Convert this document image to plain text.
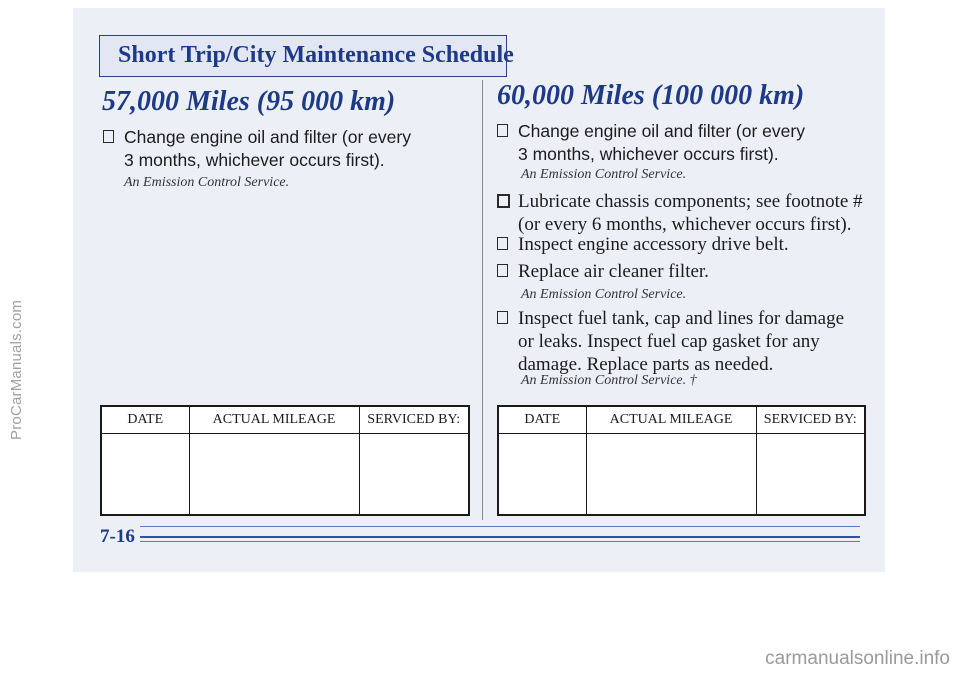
ProCarManuals.com
carmanualsonline.info
Short Trip/City Maintenance Schedule
57,000 Miles (95 000 km)	60,000 Miles (100 000 km)
Change engine oil and filter (or every
3 months, whichever occurs first).
An Emission Control Service.
DATE	ACTUAL MILEAGE	SERVICED BY:

Change engine oil and filter (or every
3 months, whichever occurs first).
An Emission Control Service.
Lubricate chassis components; see footnote #
(or every 6 months, whichever occurs first).
Inspect engine accessory drive belt.
Replace air cleaner filter.
An Emission Control Service.
Inspect fuel tank, cap and lines for damage
or leaks. Inspect fuel cap gasket for any
damage. Replace parts as needed.
An Emission Control Service. †
DATE	ACTUAL MILEAGE	SERVICED BY:

7-16
